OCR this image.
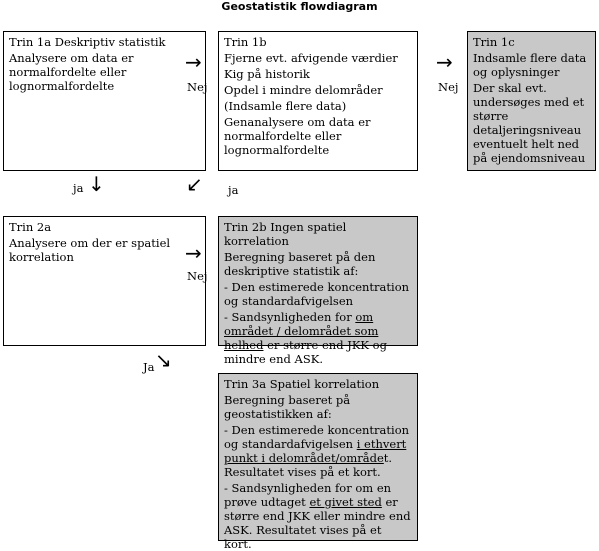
Geostatistik flowdiagram
Trin 1a Deskriptiv statistik

Analysere om data er normalfordelte eller lognormalfordelte

Trin 1b

Fjerne evt. afvigende værdier

Kig på historik

Opdel i mindre delområder

(Indsamle flere data)

Genanalysere om data er normalfordelte eller lognormalfordelte

Trin 1c

Indsamle flere data og oplysninger

Der skal evt. undersøges med et større detaljeringsniveau eventuelt helt ned på ejendomsniveau

Trin 2a

Analysere om der er spatiel korrelation

Trin 2b Ingen spatiel korrelation

Beregning baseret på den deskriptive statistik af:

- Den estimerede koncentration og standardafvigelsen

- Sandsynligheden for om området / delområdet som helhed er større end JKK og mindre end ASK.

Trin 3a Spatiel korrelation

Beregning baseret på geostatistikken af:

- Den estimerede koncentration og standardafvigelsen i ethvert punkt i delområdet/området. Resultatet vises på et kort.

- Sandsynligheden for om en prøve udtaget et givet sted er større end JKK eller mindre end ASK. Resultatet vises på et kort.

→
Nej
→
Nej
ja ↓	↙ ja
→
Nej
Ja ↘
